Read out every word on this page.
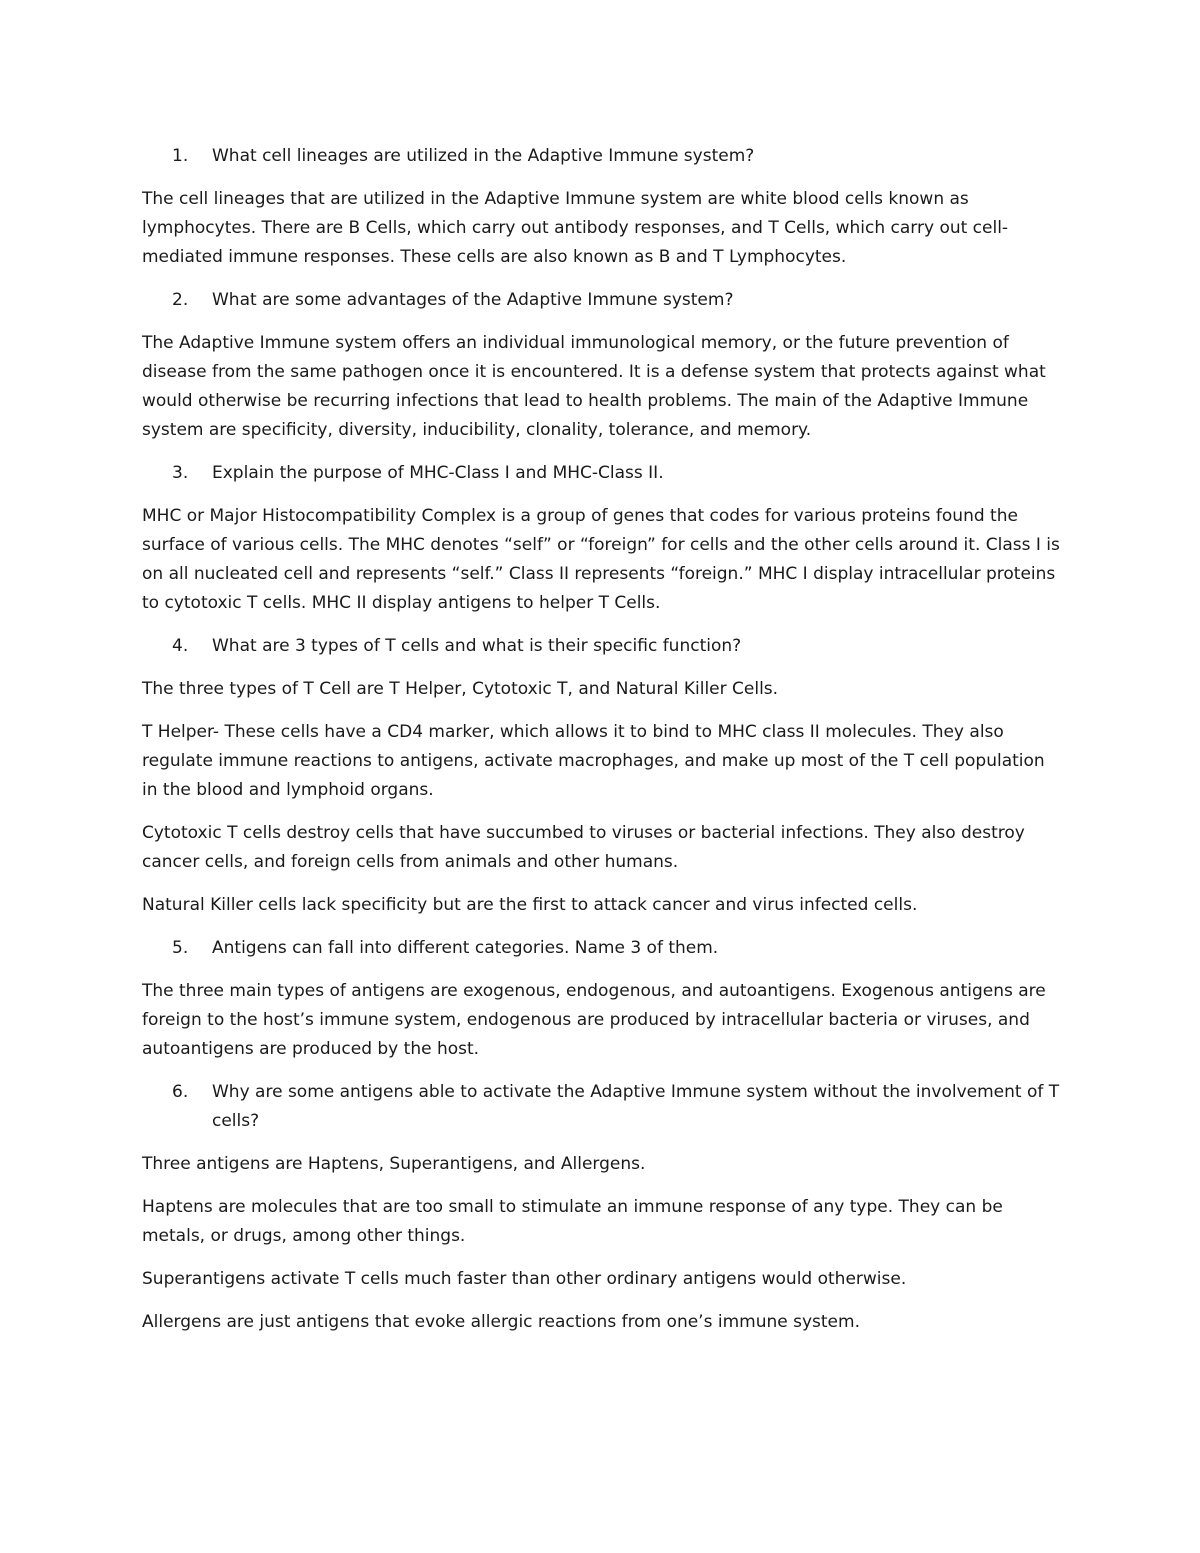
1.	What cell lineages are utilized in the Adaptive Immune system?

The cell lineages that are utilized in the Adaptive Immune system are white blood cells known as lymphocytes. There are B Cells, which carry out antibody responses, and T Cells, which carry out cell-mediated immune responses. These cells are also known as B and T Lymphocytes.

2.	What are some advantages of the Adaptive Immune system?

The Adaptive Immune system offers an individual immunological memory, or the future prevention of disease from the same pathogen once it is encountered. It is a defense system that protects against what would otherwise be recurring infections that lead to health problems. The main of the Adaptive Immune system are specificity, diversity, inducibility, clonality, tolerance, and memory.

3.	Explain the purpose of MHC-Class I and MHC-Class II.

MHC or Major Histocompatibility Complex is a group of genes that codes for various proteins found the surface of various cells. The MHC denotes “self” or “foreign” for cells and the other cells around it. Class I is on all nucleated cell and represents “self.” Class II represents “foreign.” MHC I display intracellular proteins to cytotoxic T cells. MHC II display antigens to helper T Cells.

4.	What are 3 types of T cells and what is their specific function?

The three types of T Cell are T Helper, Cytotoxic T, and Natural Killer Cells.

T Helper- These cells have a CD4 marker, which allows it to bind to MHC class II molecules. They also regulate immune reactions to antigens, activate macrophages, and make up most of the T cell population in the blood and lymphoid organs.

Cytotoxic T cells destroy cells that have succumbed to viruses or bacterial infections. They also destroy cancer cells, and foreign cells from animals and other humans.

Natural Killer cells lack specificity but are the first to attack cancer and virus infected cells.

5.	Antigens can fall into different categories. Name 3 of them.

The three main types of antigens are exogenous, endogenous, and autoantigens. Exogenous antigens are foreign to the host’s immune system, endogenous are produced by intracellular bacteria or viruses, and autoantigens are produced by the host.

6.	Why are some antigens able to activate the Adaptive Immune system without the involvement of T cells?

Three antigens are Haptens, Superantigens, and Allergens.

Haptens are molecules that are too small to stimulate an immune response of any type. They can be metals, or drugs, among other things.

Superantigens activate T cells much faster than other ordinary antigens would otherwise.

Allergens are just antigens that evoke allergic reactions from one’s immune system.
